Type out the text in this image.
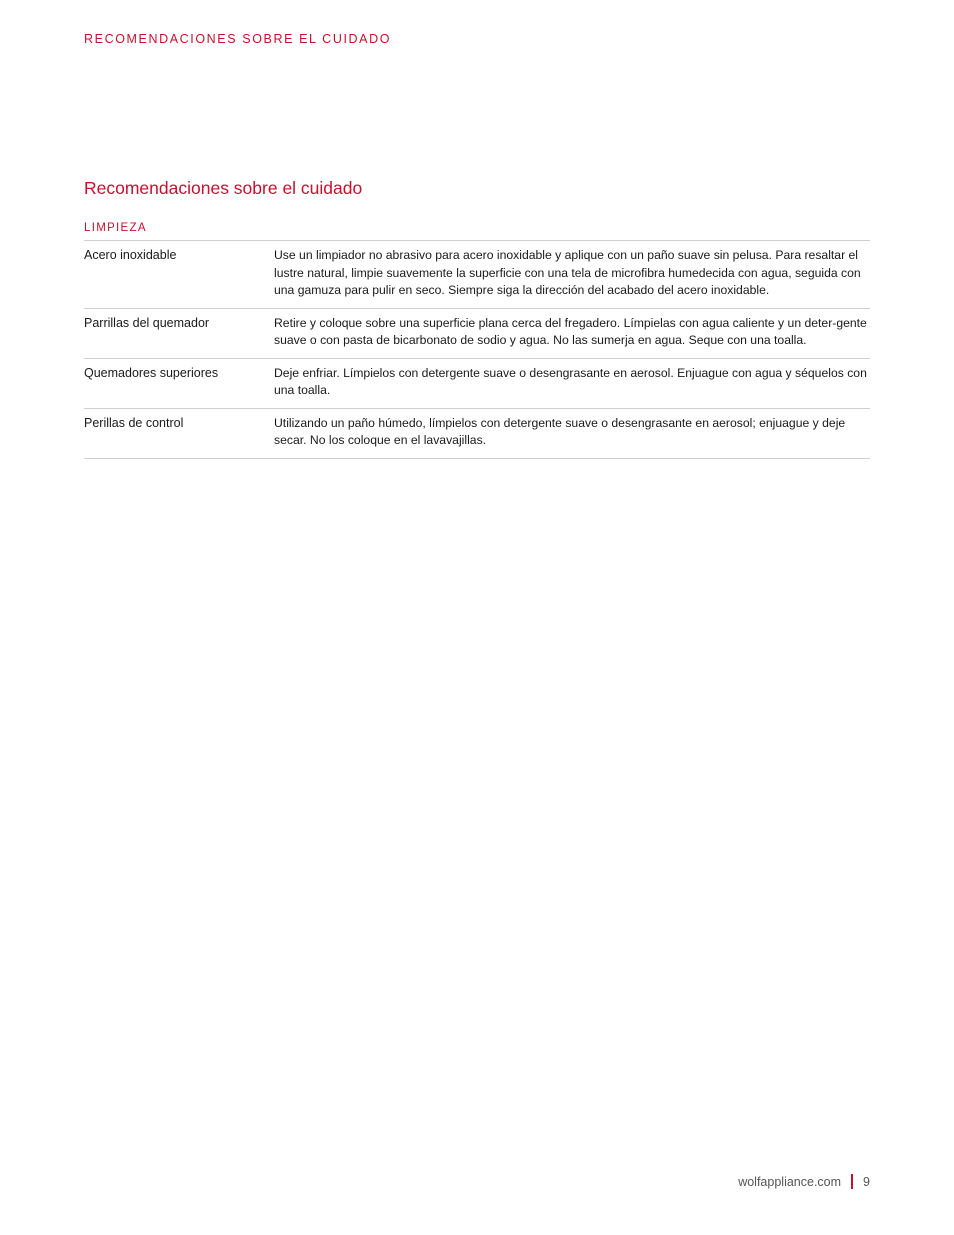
RECOMENDACIONES SOBRE EL CUIDADO
Recomendaciones sobre el cuidado
LIMPIEZA
Acero inoxidable	Use un limpiador no abrasivo para acero inoxidable y aplique con un paño suave sin pelusa. Para resaltar el lustre natural, limpie suavemente la superficie con una tela de microfibra humedecida con agua, seguida con una gamuza para pulir en seco. Siempre siga la dirección del acabado del acero inoxidable.
Parrillas del quemador	Retire y coloque sobre una superficie plana cerca del fregadero. Límpielas con agua caliente y un deter-gente suave o con pasta de bicarbonato de sodio y agua. No las sumerja en agua. Seque con una toalla.
Quemadores superiores	Deje enfriar. Límpielos con detergente suave o desengrasante en aerosol. Enjuague con agua y séquelos con una toalla.
Perillas de control	Utilizando un paño húmedo, límpielos con detergente suave o desengrasante en aerosol; enjuague y deje secar. No los coloque en el lavavajillas.
wolfappliance.com 9
